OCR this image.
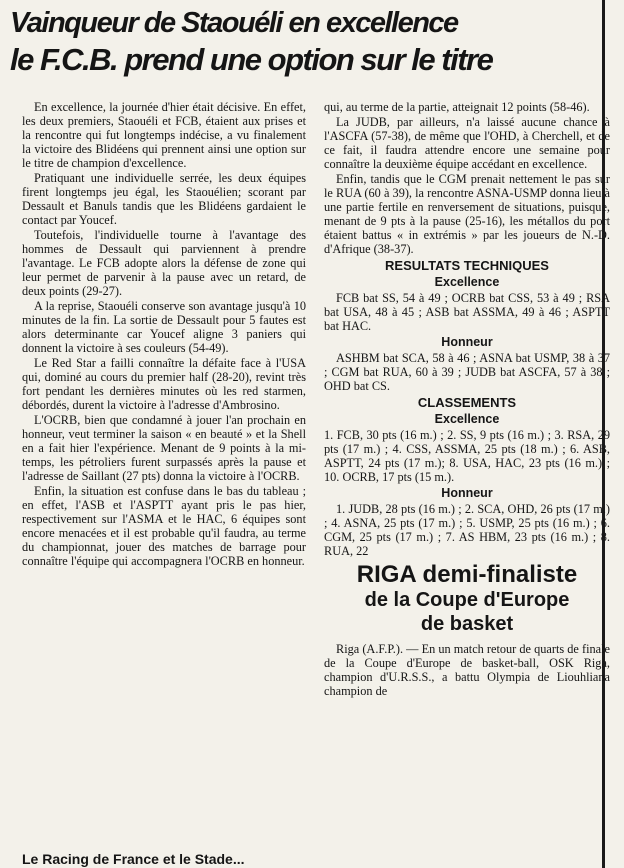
Vainqueur de Staouéli en excellence
le F.C.B. prend une option sur le titre

En excellence, la journée d'hier était décisive. En effet, les deux premiers, Staouéli et FCB, étaient aux prises et la rencontre qui fut longtemps indécise, a vu finalement la victoire des Blidéens qui prennent ainsi une option sur le titre de champion d'excellence.

Pratiquant une individuelle serrée, les deux équipes firent longtemps jeu égal, les Staouélien; scorant par Dessault et Banuls tandis que les Blidéens gardaient le contact par Youcef.

Toutefois, l'individuelle tourne à l'avantage des hommes de Dessault qui parviennent à prendre l'avantage. Le FCB adopte alors la défense de zone qui leur permet de parvenir à la pause avec un retard, de deux points (29-27).

A la reprise, Staouéli conserve son avantage jusqu'à 10 minutes de la fin. La sortie de Dessault pour 5 fautes est alors determinante car Youcef aligne 3 paniers qui donnent la victoire à ses couleurs (54-49).

Le Red Star a failli connaître la défaite face à l'USA qui, dominé au cours du premier half (28-20), revint très fort pendant les dernières minutes où les red starmen, débordés, durent la victoire à l'adresse d'Ambrosino.

L'OCRB, bien que condamné à jouer l'an prochain en honneur, veut terminer la saison « en beauté » et la Shell en a fait hier l'expérience. Menant de 9 points à la mi-temps, les pétroliers furent surpassés après la pause et l'adresse de Saillant (27 pts) donna la victoire à l'OCRB.

Enfin, la situation est confuse dans le bas du tableau ; en effet, l'ASB et l'ASPTT ayant pris le pas hier, respectivement sur l'ASMA et le HAC, 6 équipes sont encore menacées et il est probable qu'il faudra, au terme du championnat, jouer des matches de barrage pour connaître l'équipe qui accompagnera l'OCRB en honneur.

qui, au terme de la partie, atteignait 12 points (58-46).

La JUDB, par ailleurs, n'a laissé aucune chance à l'ASCFA (57-38), de même que l'OHD, à Cherchell, et de ce fait, il faudra attendre encore une semaine pour connaître la deuxième équipe accédant en excellence.

Enfin, tandis que le CGM prenait nettement le pas sur le RUA (60 à 39), la rencontre ASNA-USMP donna lieu à une partie fertile en renversement de situations, puisque, menant de 9 pts à la pause (25-16), les métallos du port étaient battus « in extrémis » par les joueurs de N.-D. d'Afrique (38-37).

RESULTATS TECHNIQUES
Excellence

FCB bat SS, 54 à 49 ; OCRB bat CSS, 53 à 49 ; RSA bat USA, 48 à 45 ; ASB bat ASSMA, 49 à 46 ; ASPTT bat HAC.

Honneur

ASHBM bat SCA, 58 à 46 ; ASNA bat USMP, 38 à 37 ; CGM bat RUA, 60 à 39 ; JUDB bat ASCFA, 57 à 38 ; OHD bat CS.

CLASSEMENTS
Excellence

1. FCB, 30 pts (16 m.) ; 2. SS, 9 pts (16 m.) ; 3. RSA, 29 pts (17 m.) ; 4. CSS, ASSMA, 25 pts (18 m.) ; 6. ASB, ASPTT, 24 pts (17 m.); 8. USA, HAC, 23 pts (16 m.) ; 10. OCRB, 17 pts (15 m.).

Honneur

1. JUDB, 28 pts (16 m.) ; 2. SCA, OHD, 26 pts (17 m.) ; 4. ASNA, 25 pts (17 m.) ; 5. USMP, 25 pts (16 m.) ; 6. CGM, 25 pts (17 m.) ; 7. AS HBM, 23 pts (16 m.) ; 8. RUA, 22

RIGA demi-finaliste
de la Coupe d'Europe
de basket

Riga (A.F.P.). — En un match retour de quarts de finale de la Coupe d'Europe de basket-ball, OSK Riga, champion d'U.R.S.S., a battu Olympia de Liouhliana champion de

Le Racing de France et le Stade...
